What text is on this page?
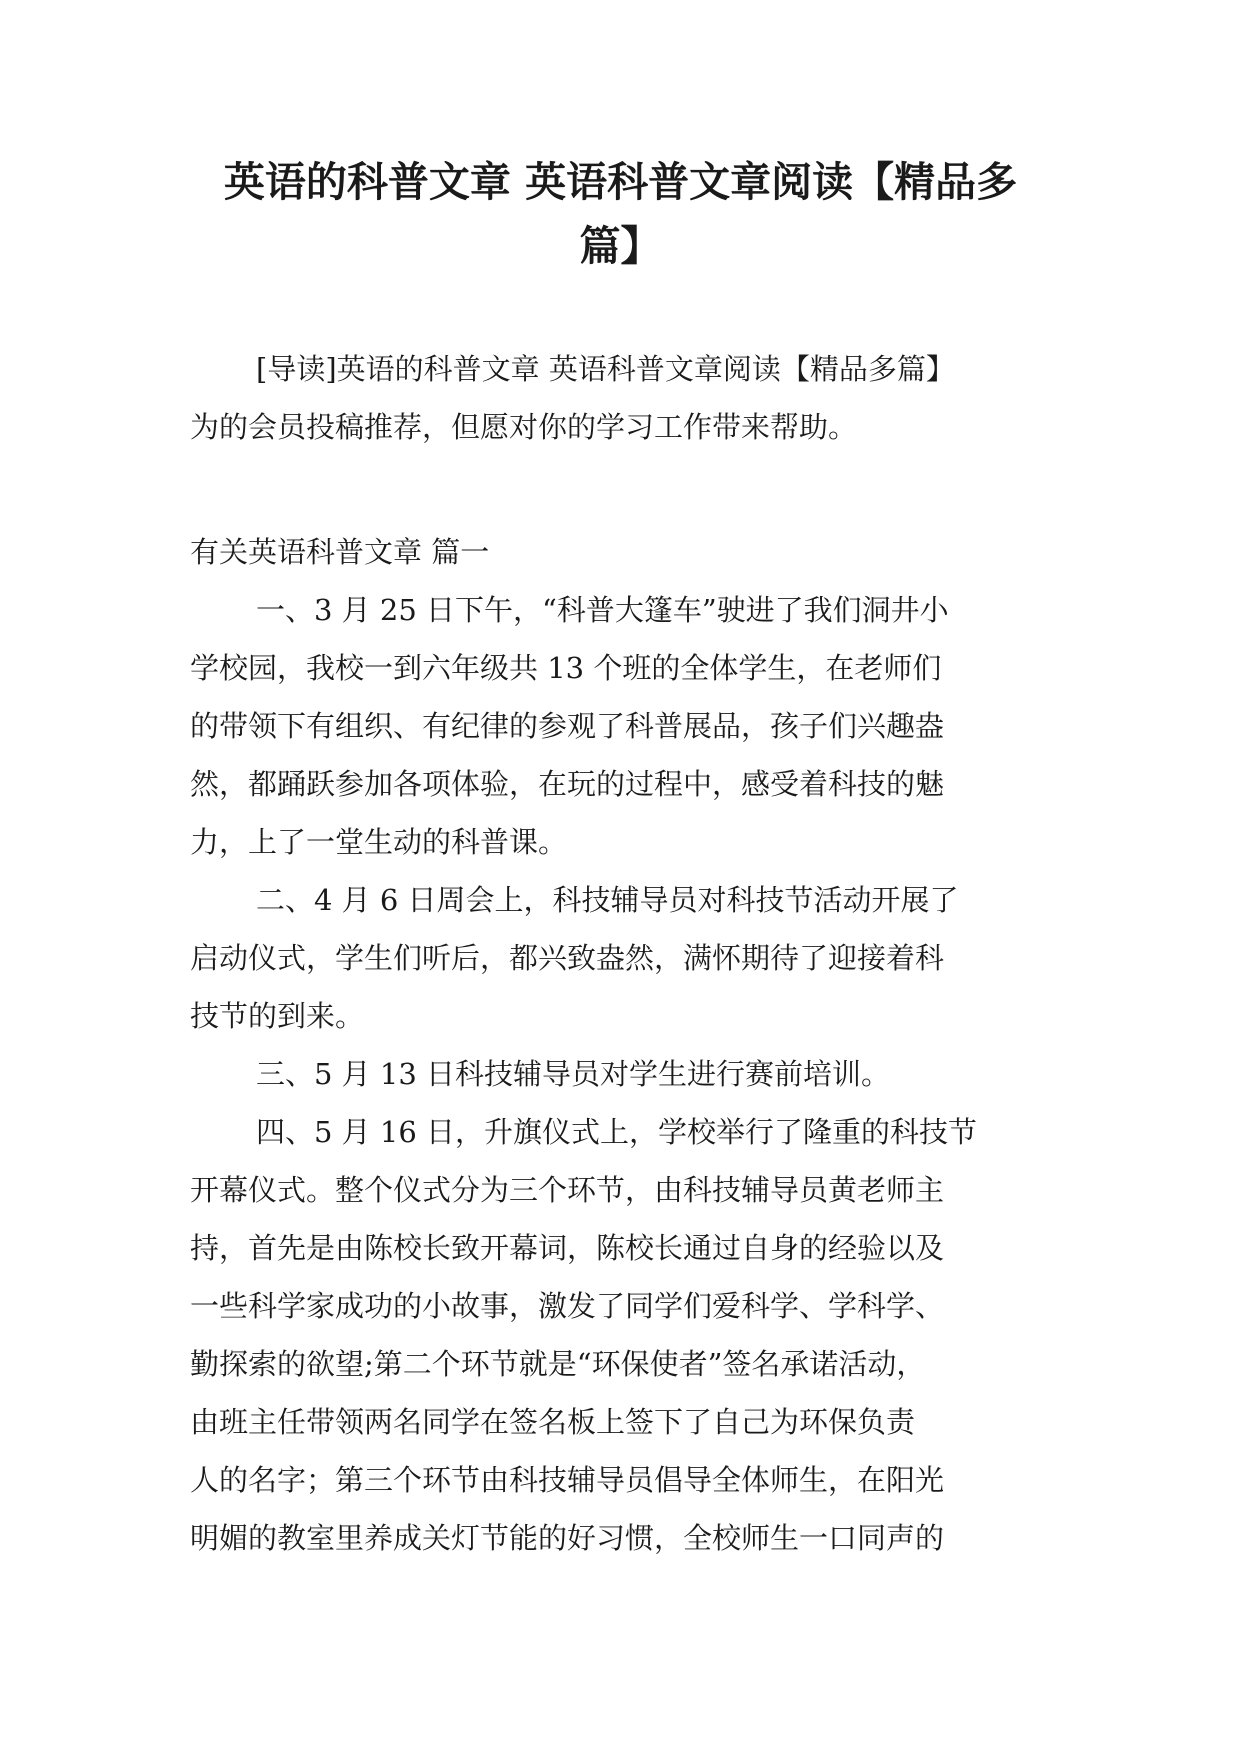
英语的科普文章 英语科普文章阅读【精品多
篇】

[导读]英语的科普文章 英语科普文章阅读【精品多篇】

为的会员投稿推荐，但愿对你的学习工作带来帮助。

有关英语科普文章 篇一

一、3 月 25 日下午，“科普大篷车”驶进了我们洞井小

学校园，我校一到六年级共 13 个班的全体学生，在老师们

的带领下有组织、有纪律的参观了科普展品，孩子们兴趣盎

然，都踊跃参加各项体验，在玩的过程中，感受着科技的魅

力，上了一堂生动的科普课。

二、4 月 6 日周会上，科技辅导员对科技节活动开展了

启动仪式，学生们听后，都兴致盎然，满怀期待了迎接着科

技节的到来。

三、5 月 13 日科技辅导员对学生进行赛前培训。

四、5 月 16 日，升旗仪式上，学校举行了隆重的科技节

开幕仪式。整个仪式分为三个环节，由科技辅导员黄老师主

持，首先是由陈校长致开幕词，陈校长通过自身的经验以及

一些科学家成功的小故事，激发了同学们爱科学、学科学、

勤探索的欲望;第二个环节就是“环保使者”签名承诺活动，

由班主任带领两名同学在签名板上签下了自己为环保负责

人的名字；第三个环节由科技辅导员倡导全体师生，在阳光

明媚的教室里养成关灯节能的好习惯，全校师生一口同声的
